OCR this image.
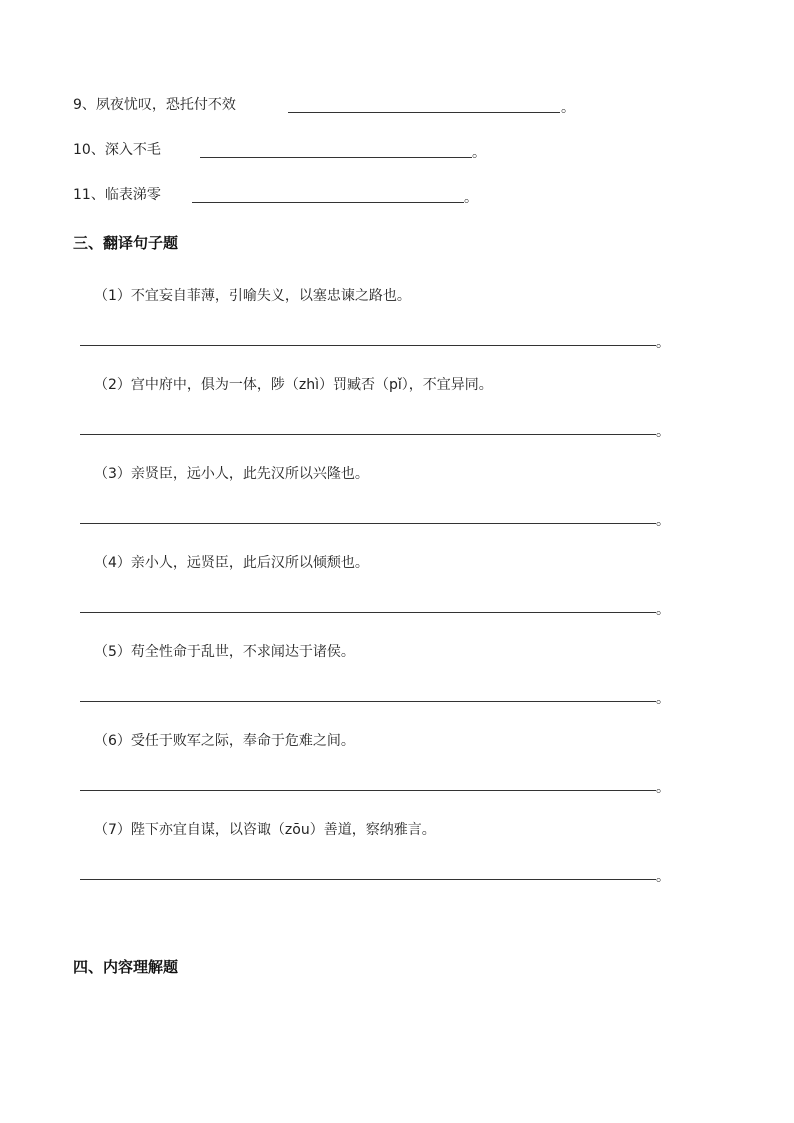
9、夙夜忧叹，恐托付不效	。
10、深入不毛	。
11、临表涕零	。
三、翻译句子题
（1）不宜妄自菲薄，引喻失义，以塞忠谏之路也。
。
（2）宫中府中，俱为一体，陟（zhì）罚臧否（pǐ），不宜异同。
。
（3）亲贤臣，远小人，此先汉所以兴隆也。
。
（4）亲小人，远贤臣，此后汉所以倾颓也。
。
（5）苟全性命于乱世，不求闻达于诸侯。
。
（6）受任于败军之际，奉命于危难之间。
。
（7）陛下亦宜自谋，以咨诹（zōu）善道，察纳雅言。
。
四、内容理解题
